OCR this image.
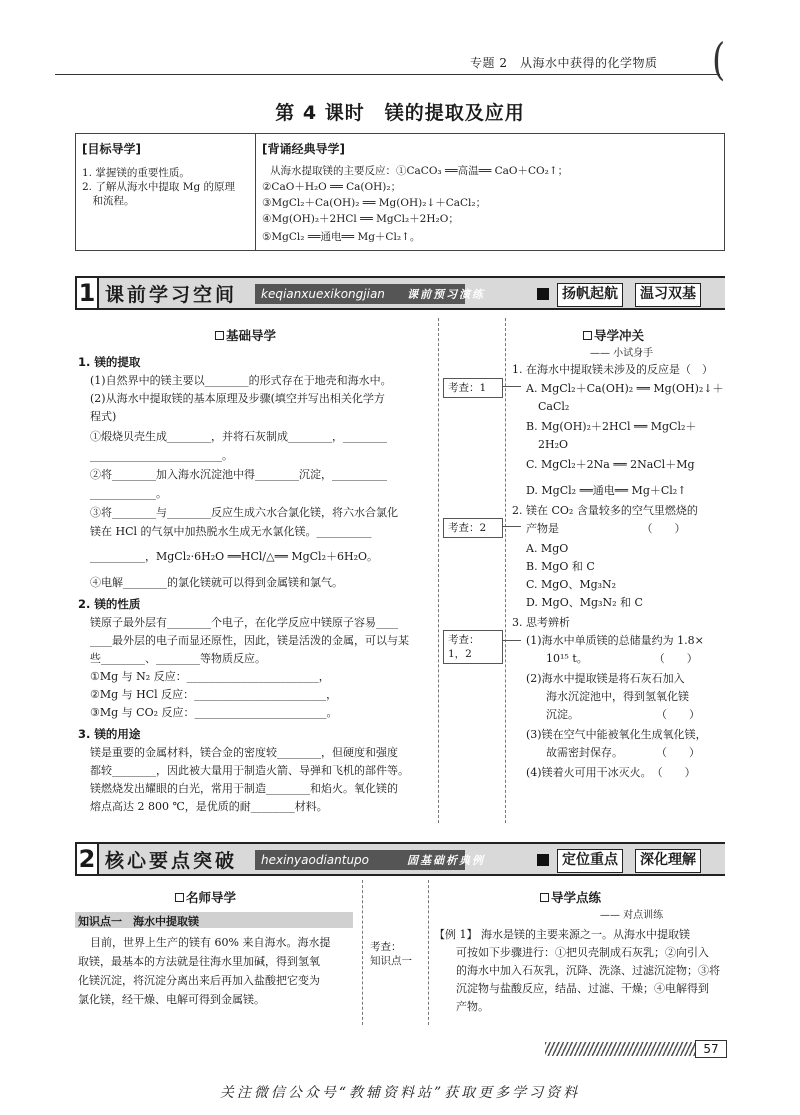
专题 2　从海水中获得的化学物质 (
第 4 课时　镁的提取及应用
[目标导学]
1. 掌握镁的重要性质。
2. 了解从海水中提取 Mg 的原理
　和流程。
[背诵经典导学]
从海水提取镁的主要反应：①CaCO₃ ══高温══ CaO＋CO₂↑；
②CaO＋H₂O ══ Ca(OH)₂；
③MgCl₂＋Ca(OH)₂ ══ Mg(OH)₂↓＋CaCl₂；
④Mg(OH)₂＋2HCl ══ MgCl₂＋2H₂O；
⑤MgCl₂ ══通电══ Mg＋Cl₂↑。
1 课前学习空间	keqianxuexikongjian	课前预习演练	扬帆起航	温习双基
基础导学
1. 镁的提取
(1)自然界中的镁主要以________的形式存在于地壳和海水中。
(2)从海水中提取镁的基本原理及步骤(填空并写出相关化学方
程式)
①煅烧贝壳生成________，并将石灰制成________，________
________________________。
②将________加入海水沉淀池中得________沉淀，__________
____________。
③将________与________反应生成六水合氯化镁，将六水合氯化
镁在 HCl 的气氛中加热脱水生成无水氯化镁。__________
__________，MgCl₂·6H₂O ══HCl/△══ MgCl₂＋6H₂O。
④电解________的氯化镁就可以得到金属镁和氯气。
2. 镁的性质
镁原子最外层有________个电子，在化学反应中镁原子容易____
____最外层的电子而显还原性，因此，镁是活泼的金属，可以与某
些________、________等物质反应。
①Mg 与 N₂ 反应：________________________，
②Mg 与 HCl 反应：________________________，
③Mg 与 CO₂ 反应：________________________。
3. 镁的用途
镁是重要的金属材料，镁合金的密度较________，但硬度和强度
都较________，因此被大量用于制造火箭、导弹和飞机的部件等。
镁燃烧发出耀眼的白光，常用于制造________和焰火。氧化镁的
熔点高达 2 800 ℃，是优质的耐________材料。
考查：1
考查：2
考查：
1，2
导学冲关
—— 小试身手
1. 在海水中提取镁未涉及的反应是（　）
A. MgCl₂＋Ca(OH)₂ ══ Mg(OH)₂↓＋
CaCl₂
B. Mg(OH)₂＋2HCl ══ MgCl₂＋
2H₂O
C. MgCl₂＋2Na ══ 2NaCl＋Mg
D. MgCl₂ ══通电══ Mg＋Cl₂↑
2. 镁在 CO₂ 含量较多的空气里燃烧的
产物是　　　　　　　　（　　）
A. MgO
B. MgO 和 C
C. MgO、Mg₃N₂
D. MgO、Mg₃N₂ 和 C
3. 思考辨析
(1)海水中单质镁的总储量约为 1.8×
10¹⁵ t。　　　　　　　（　　）
(2)海水中提取镁是将石灰石加入
海水沉淀池中，得到氢氧化镁
沉淀。　　　　　　　　（　　）
(3)镁在空气中能被氧化生成氧化镁，
故需密封保存。　　　　（　　）
(4)镁着火可用干冰灭火。　（　　）
2 核心要点突破	hexinyaodiantupo	固基础析典例	定位重点	深化理解
名师导学
知识点一　海水中提取镁
目前，世界上生产的镁有 60% 来自海水。海水提
取镁，最基本的方法就是往海水里加碱，得到氢氧
化镁沉淀，将沉淀分离出来后再加入盐酸把它变为
氯化镁，经干燥、电解可得到金属镁。
考查：
知识点一
导学点练
—— 对点训练
【例 1】 海水是镁的主要来源之一。从海水中提取镁
可按如下步骤进行：①把贝壳制成石灰乳；②向引入
的海水中加入石灰乳，沉降、洗涤、过滤沉淀物；③将
沉淀物与盐酸反应，结晶、过滤、干燥；④电解得到
产物。
57
关注微信公众号“教辅资料站”获取更多学习资料
